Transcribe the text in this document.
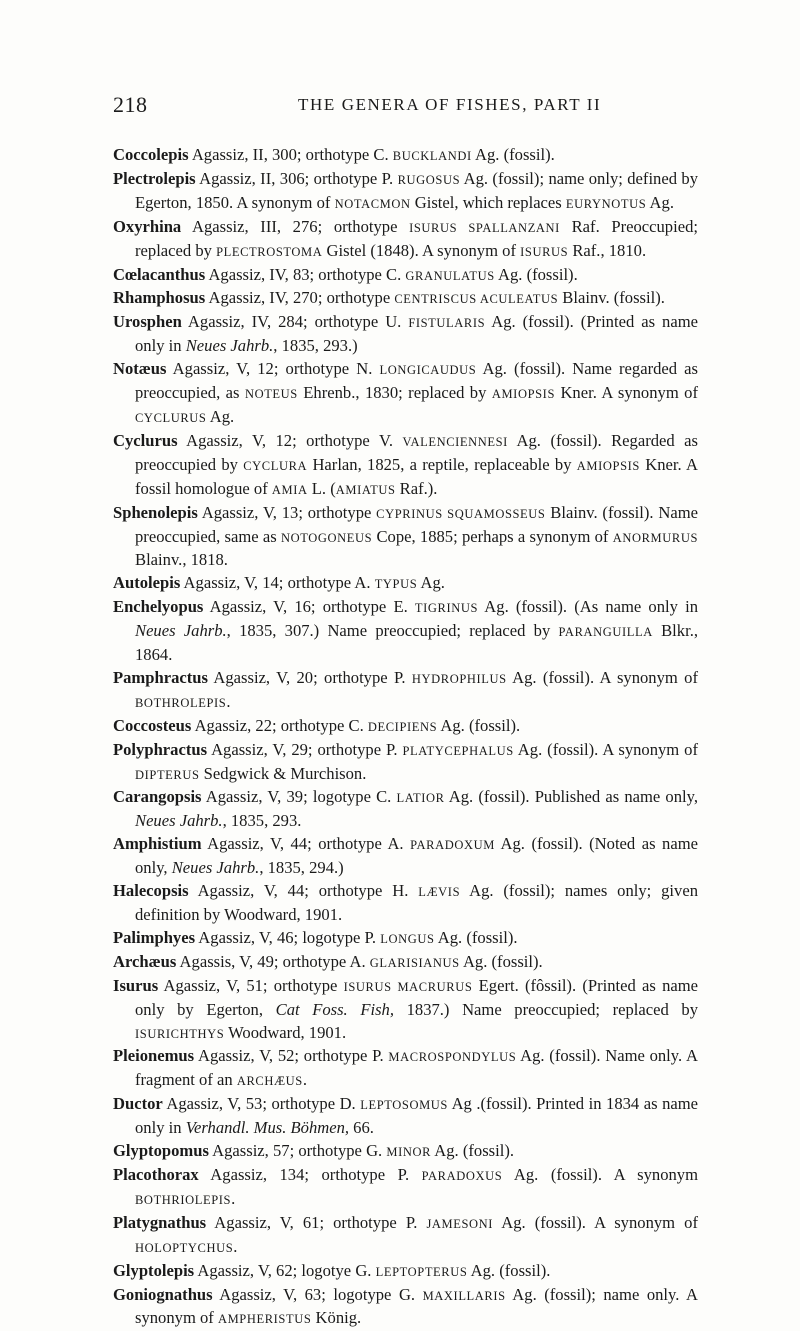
218	THE GENERA OF FISHES, PART II

Coccolepis Agassiz, II, 300; orthotype C. BUCKLANDI Ag. (fossil).

Plectrolepis Agassiz, II, 306; orthotype P. RUGOSUS Ag. (fossil); name only; defined by Egerton, 1850. A synonym of NOTACMON Gistel, which replaces EURYNOTUS Ag.

Oxyrhina Agassiz, III, 276; orthotype ISURUS SPALLANZANI Raf. Preoccupied; replaced by PLECTROSTOMA Gistel (1848). A synonym of ISURUS Raf., 1810.

Cœlacanthus Agassiz, IV, 83; orthotype C. GRANULATUS Ag. (fossil).

Rhamphosus Agassiz, IV, 270; orthotype CENTRISCUS ACULEATUS Blainv. (fossil).

Urosphen Agassiz, IV, 284; orthotype U. FISTULARIS Ag. (fossil). (Printed as name only in Neues Jahrb., 1835, 293.)

Notæus Agassiz, V, 12; orthotype N. LONGICAUDUS Ag. (fossil). Name regarded as preoccupied, as NOTEUS Ehrenb., 1830; replaced by AMIOPSIS Kner. A synonym of CYCLURUS Ag.

Cyclurus Agassiz, V, 12; orthotype V. VALENCIENNESI Ag. (fossil). Regarded as preoccupied by CYCLURA Harlan, 1825, a reptile, replaceable by AMIOPSIS Kner. A fossil homologue of AMIA L. (AMIATUS Raf.).

Sphenolepis Agassiz, V, 13; orthotype CYPRINUS SQUAMOSSEUS Blainv. (fossil). Name preoccupied, same as NOTOGONEUS Cope, 1885; perhaps a synonym of ANORMURUS Blainv., 1818.

Autolepis Agassiz, V, 14; orthotype A. TYPUS Ag.

Enchelyopus Agassiz, V, 16; orthotype E. TIGRINUS Ag. (fossil). (As name only in Neues Jahrb., 1835, 307.) Name preoccupied; replaced by PARANGUILLA Blkr., 1864.

Pamphractus Agassiz, V, 20; orthotype P. HYDROPHILUS Ag. (fossil). A synonym of BOTHROLEPIS.

Coccosteus Agassiz, 22; orthotype C. DECIPIENS Ag. (fossil).

Polyphractus Agassiz, V, 29; orthotype P. PLATYCEPHALUS Ag. (fossil). A synonym of DIPTERUS Sedgwick & Murchison.

Carangopsis Agassiz, V, 39; logotype C. LATIOR Ag. (fossil). Published as name only, Neues Jahrb., 1835, 293.

Amphistium Agassiz, V, 44; orthotype A. PARADOXUM Ag. (fossil). (Noted as name only, Neues Jahrb., 1835, 294.)

Halecopsis Agassiz, V, 44; orthotype H. LÆVIS Ag. (fossil); names only; given definition by Woodward, 1901.

Palimphyes Agassiz, V, 46; logotype P. LONGUS Ag. (fossil).

Archæus Agassis, V, 49; orthotype A. GLARISIANUS Ag. (fossil).

Isurus Agassiz, V, 51; orthotype ISURUS MACRURUS Egert. (fôssil). (Printed as name only by Egerton, Cat Foss. Fish, 1837.) Name preoccupied; replaced by ISURICHTHYS Woodward, 1901.

Pleionemus Agassiz, V, 52; orthotype P. MACROSPONDYLUS Ag. (fossil). Name only. A fragment of an ARCHÆUS.

Ductor Agassiz, V, 53; orthotype D. LEPTOSOMUS Ag .(fossil). Printed in 1834 as name only in Verhandl. Mus. Böhmen, 66.

Glyptopomus Agassiz, 57; orthotype G. MINOR Ag. (fossil).

Placothorax Agassiz, 134; orthotype P. PARADOXUS Ag. (fossil). A synonym BOTHRIOLEPIS.

Platygnathus Agassiz, V, 61; orthotype P. JAMESONI Ag. (fossil). A synonym of HOLOPTYCHUS.

Glyptolepis Agassiz, V, 62; logotye G. LEPTOPTERUS Ag. (fossil).

Goniognathus Agassiz, V, 63; logotype G. MAXILLARIS Ag. (fossil); name only. A synonym of AMPHERISTUS König.
